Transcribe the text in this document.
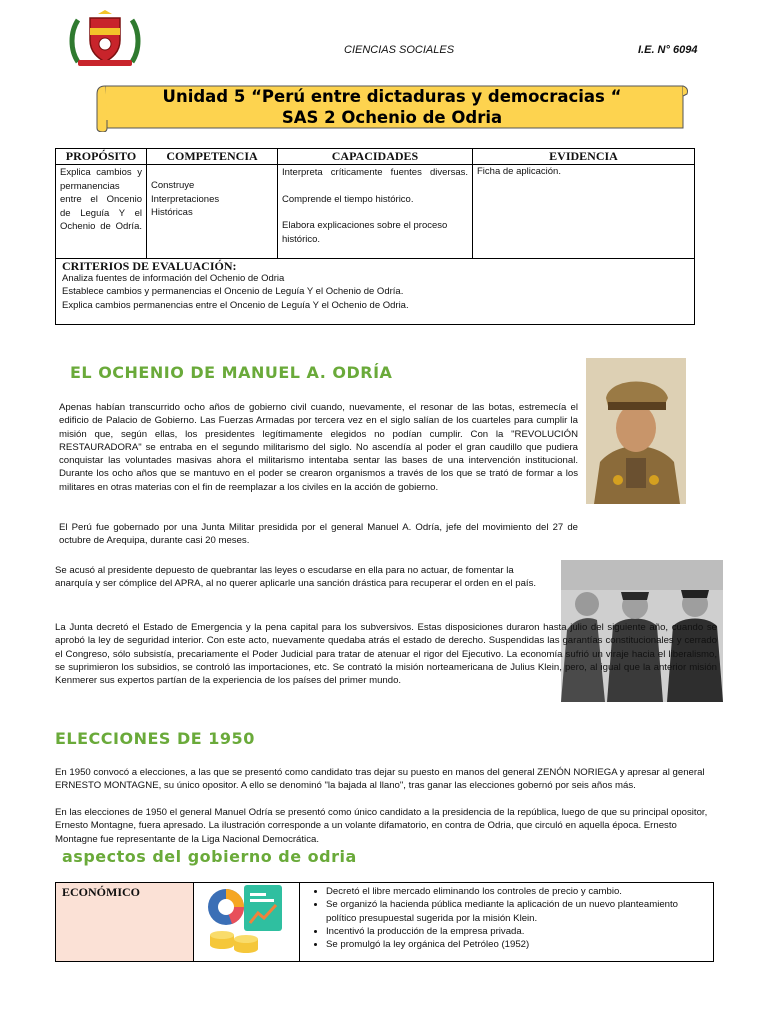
CIENCIAS SOCIALES	I.E. N° 6094
Unidad 5 “Perú entre dictaduras y democracias “
SAS 2 Ochenio de Odria
PROPÓSITO	COMPETENCIA	CAPACIDADES	EVIDENCIA
Explica cambios y permanencias entre el Oncenio de Leguía Y el Ochenio de Odría.	Construye Interpretaciones Históricas	Interpreta críticamente fuentes diversas.
Comprende el tiempo histórico.
Elabora explicaciones sobre el proceso histórico.	Ficha de aplicación.

CRITERIOS DE EVALUACIÓN:
Analiza fuentes de información del Ochenio de Odria
Establece cambios y permanencias el Oncenio de Leguía Y el Ochenio de Odría.
Explica cambios permanencias entre el Oncenio de Leguía Y el Ochenio de Odria.			
EL OCHENIO DE MANUEL A. ODRÍA

Apenas habían transcurrido ocho años de gobierno civil cuando, nuevamente, el resonar de las botas, estremecía el edificio de Palacio de Gobierno. Las Fuerzas Armadas por tercera vez en el siglo salían de los cuarteles para cumplir la misión que, según ellas, los presidentes legítimamente elegidos no podían cumplir. Con la "REVOLUCIÓN RESTAURADORA" se entraba en el segundo militarismo del siglo. No ascendía al poder el gran caudillo que pudiera conquistar las voluntades masivas ahora el militarismo intentaba sentar las bases de una intervención institucional. Durante los ocho años que se mantuvo en el poder se crearon organismos a través de los que se trató de formar a los militares en otras materias con el fin de reemplazar a los civiles en la acción de gobierno.

El Perú fue gobernado por una Junta Militar presidida por el general Manuel A. Odría, jefe del movimiento del 27 de octubre de Arequipa, durante casi 20 meses.

Se acusó al presidente depuesto de quebrantar las leyes o escudarse en ella para no actuar, de fomentar la anarquía y ser cómplice del APRA, al no querer aplicarle una sanción drástica para recuperar el orden en el país.

La Junta decretó el Estado de Emergencia y la pena capital para los subversivos. Estas disposiciones duraron hasta julio del siguiente año, cuando se aprobó la ley de seguridad interior. Con este acto, nuevamente quedaba atrás el estado de derecho. Suspendidas las garantías constitucionales y cerrado el Congreso, sólo subsistía, precariamente el Poder Judicial para tratar de atenuar el rigor del Ejecutivo. La economía sufrió un viraje hacia el liberalismo, se suprimieron los subsidios, se controló las importaciones, etc. Se contrató la misión norteamericana de Julius Klein, pero, al igual que la anterior misión Kenmerer sus expertos partían de la experiencia de los países del primer mundo.

ELECCIONES DE 1950

En 1950 convocó a elecciones, a las que se presentó como candidato tras dejar su puesto en manos del general ZENÓN NORIEGA y apresar al general ERNESTO MONTAGNE, su único opositor. A ello se denominó "la bajada al llano", tras ganar las elecciones gobernó por seis años más.

En las elecciones de 1950 el general Manuel Odría se presentó como único candidato a la presidencia de la república, luego de que su principal opositor, Ernesto Montagne, fuera apresado. La ilustración corresponde a un volante difamatorio, en contra de Odria, que circuló en aquella época. Ernesto Montagne fue representante de la Liga Nacional Democrática.

aspectos del gobierno de odria
ECONÓMICO	

•Decretó el libre mercado eliminando los controles de precio y cambio.
• Se organizó la hacienda pública mediante la aplicación de un nuevo planteamiento político presupuestal sugerida por la misión Klein.
• Incentivó la producción de la empresa privada.
• Se promulgó la ley orgánica del Petróleo (1952)
